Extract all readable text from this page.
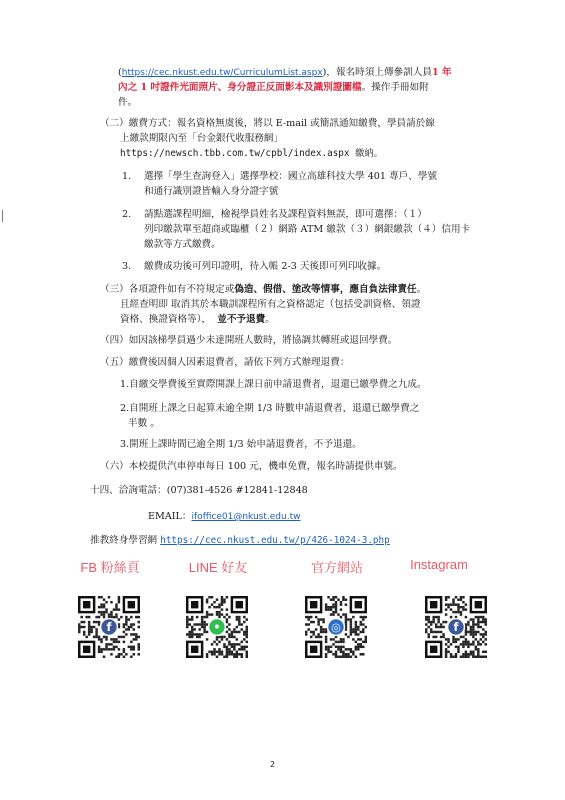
(https://cec.nkust.edu.tw/CurriculumList.aspx)，報名時須上傳參訓人員1 年
內之 1 吋證件光面照片、身分證正反面影本及識別證圖檔。操作手冊如附
件。
（二）繳費方式：報名資格無虞後，將以 E-mail 或簡訊通知繳費，學員請於線
上繳款期限內至「台金銀代收服務網」
https://newsch.tbb.com.tw/cpbl/index.aspx 繳納。
1. 選擇「學生查詢登入」選擇學校：國立高雄科技大學 401 專戶、學號
和通行識別證皆輸入身分證字號
2. 請點選課程明細，檢視學員姓名及課程資料無誤，即可選擇：（１）
列印繳款單至超商或臨櫃（２）網路 ATM 繳款（３）網銀繳款（４）信用卡
繳款等方式繳費。
3. 繳費成功後可列印證明，待入帳 2-3 天後即可列印收據。
（三）各項證件如有不符規定或偽造、假借、塗改等情事，應自負法律責任。
且經查明即 取消其於本職訓課程所有之資格認定（包括受訓資格、領證
資格、換證資格等）， 並不予退費。
（四）如因該梯學員過少未達開班人數時，將協調其轉班或退回學費。
（五）繳費後因個人因素退費者，請依下列方式辦理退費：
1.自繳交學費後至實際開課上課日前申請退費者，退還已繳學費之九成。
2.自開班上課之日起算未逾全期 1/3 時數申請退費者，退還已繳學費之
半數 。
3.開班上課時間已逾全期 1/3 始申請退費者，不予退還。
（六）本校提供汽車停車每日 100 元，機車免費，報名時請提供車號。
十四、洽詢電話：(07)381-4526 #12841-12848
EMAIL：ifoffice01@nkust.edu.tw
推教終身學習網 https://cec.nkust.edu.tw/p/426-1024-3.php
FB 粉絲頁	LINE 好友	官方網站	Instagram
f	•	◎	f
2
